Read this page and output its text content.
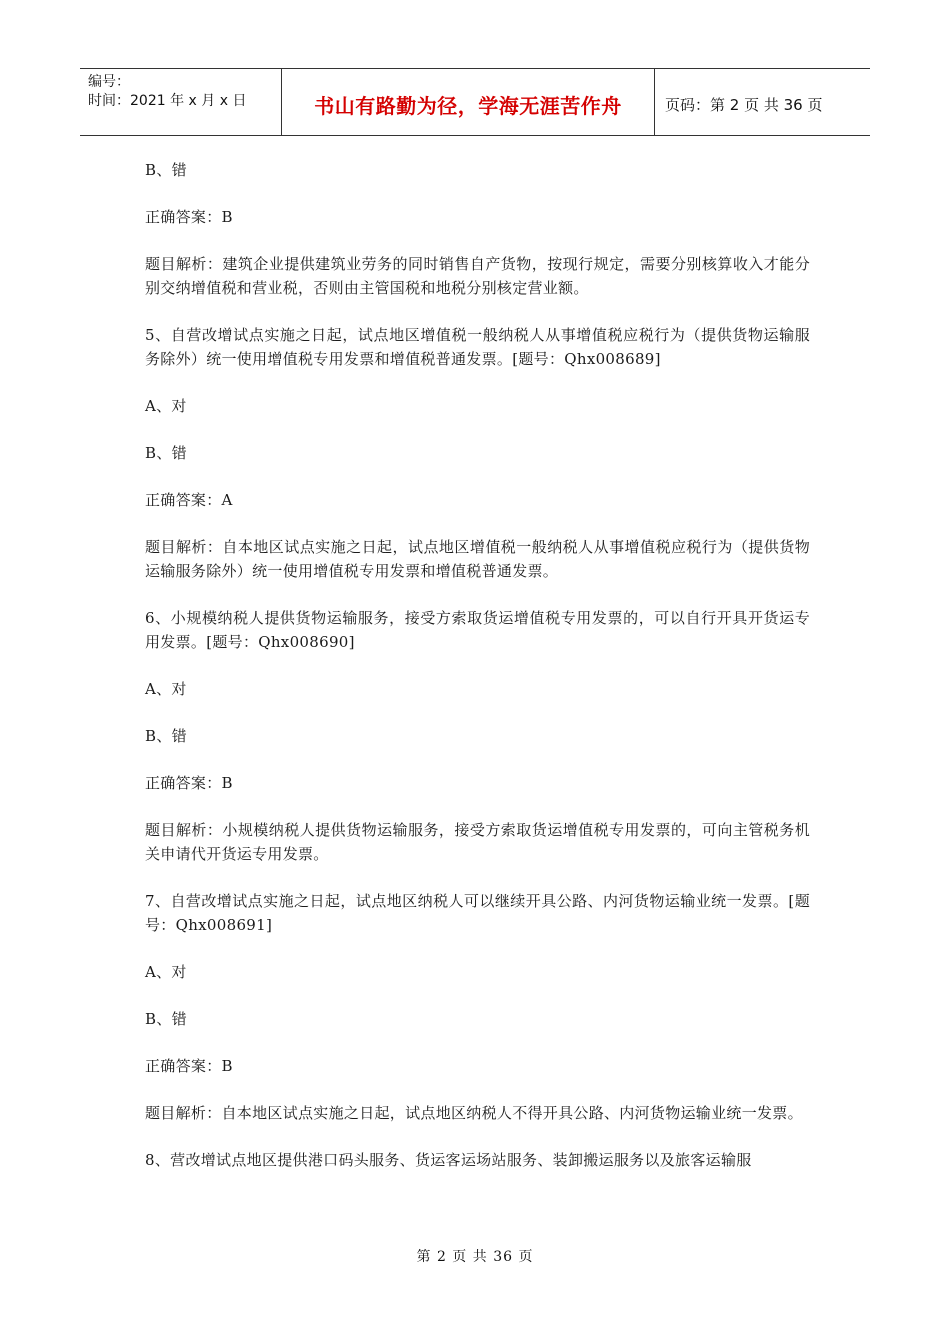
编号：
时间：2021 年 x 月 x 日	书山有路勤为径，学海无涯苦作舟	页码：第 2 页 共 36 页

B、错

正确答案：B

题目解析：建筑企业提供建筑业劳务的同时销售自产货物，按现行规定，需要分别核算收入才能分别交纳增值税和营业税，否则由主管国税和地税分别核定营业额。

5、自营改增试点实施之日起，试点地区增值税一般纳税人从事增值税应税行为（提供货物运输服务除外）统一使用增值税专用发票和增值税普通发票。[题号：Qhx008689]

A、对

B、错

正确答案：A

题目解析：自本地区试点实施之日起，试点地区增值税一般纳税人从事增值税应税行为（提供货物运输服务除外）统一使用增值税专用发票和增值税普通发票。

6、小规模纳税人提供货物运输服务，接受方索取货运增值税专用发票的，可以自行开具开货运专用发票。[题号：Qhx008690]

A、对

B、错

正确答案：B

题目解析：小规模纳税人提供货物运输服务，接受方索取货运增值税专用发票的，可向主管税务机关申请代开货运专用发票。

7、自营改增试点实施之日起，试点地区纳税人可以继续开具公路、内河货物运输业统一发票。[题号：Qhx008691]

A、对

B、错

正确答案：B

题目解析：自本地区试点实施之日起，试点地区纳税人不得开具公路、内河货物运输业统一发票。

8、营改增试点地区提供港口码头服务、货运客运场站服务、装卸搬运服务以及旅客运输服

第 2 页 共 36 页
